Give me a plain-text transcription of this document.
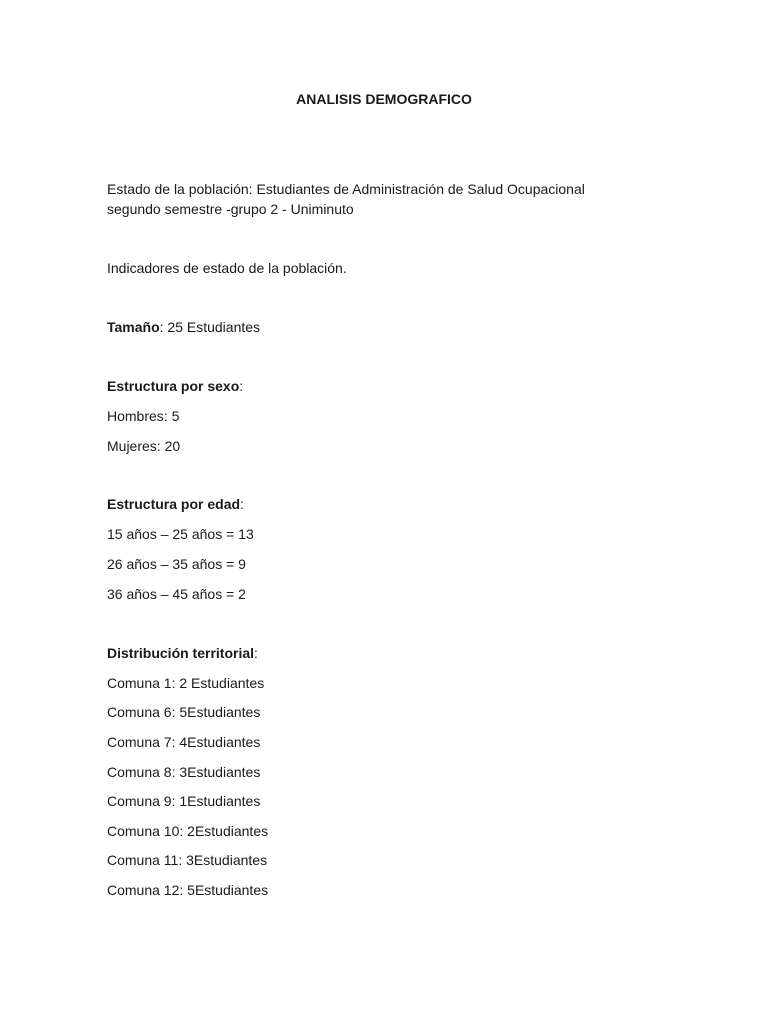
ANALISIS DEMOGRAFICO
Estado de la población: Estudiantes de Administración de Salud Ocupacional
segundo semestre -grupo 2 - Uniminuto
Indicadores de estado de la población.
Tamaño: 25 Estudiantes
Estructura por sexo:
Hombres: 5
Mujeres: 20
Estructura por edad:
15 años – 25 años = 13
26 años – 35 años = 9
36 años – 45 años = 2
Distribución territorial:
Comuna 1: 2 Estudiantes
Comuna 6: 5Estudiantes
Comuna 7: 4Estudiantes
Comuna 8: 3Estudiantes
Comuna 9: 1Estudiantes
Comuna 10: 2Estudiantes
Comuna 11: 3Estudiantes
Comuna 12: 5Estudiantes
